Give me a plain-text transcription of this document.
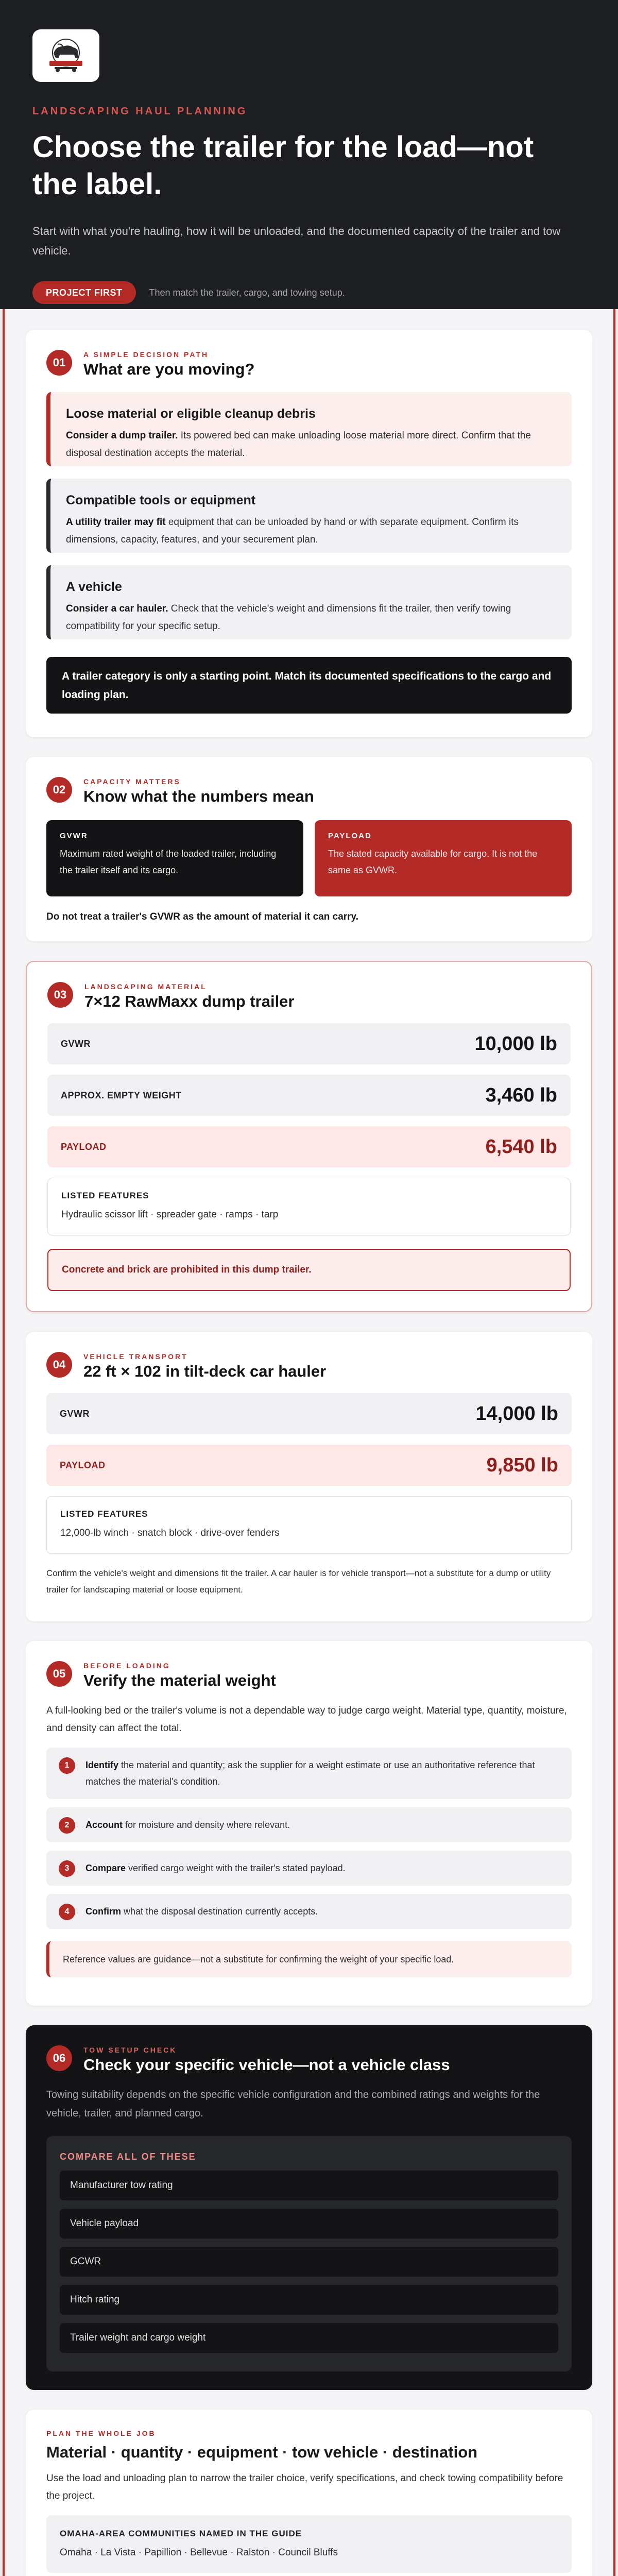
LANDSCAPING HAUL PLANNING
Choose the trailer for the load—not the label.

Start with what you're hauling, how it will be unloaded, and the documented capacity of the trailer and tow vehicle.

PROJECT FIRST	Then match the trailer, cargo, and towing setup.
01
A SIMPLE DECISION PATH
What are you moving?
Loose material or eligible cleanup debris
Consider a dump trailer. Its powered bed can make unloading loose material more direct. Confirm that the disposal destination accepts the material.
Compatible tools or equipment
A utility trailer may fit equipment that can be unloaded by hand or with separate equipment. Confirm its dimensions, capacity, features, and your securement plan.
A vehicle
Consider a car hauler. Check that the vehicle's weight and dimensions fit the trailer, then verify towing compatibility for your specific setup.
A trailer category is only a starting point. Match its documented specifications to the cargo and loading plan.
02
CAPACITY MATTERS
Know what the numbers mean
GVWR
Maximum rated weight of the loaded trailer, including the trailer itself and its cargo.
PAYLOAD
The stated capacity available for cargo. It is not the same as GVWR.
Do not treat a trailer's GVWR as the amount of material it can carry.
03
LANDSCAPING MATERIAL
7×12 RawMaxx dump trailer
GVWR	10,000 lb
APPROX. EMPTY WEIGHT	3,460 lb
PAYLOAD	6,540 lb
LISTED FEATURES
Hydraulic scissor lift · spreader gate · ramps · tarp
Concrete and brick are prohibited in this dump trailer.
04
VEHICLE TRANSPORT
22 ft × 102 in tilt-deck car hauler
GVWR	14,000 lb
PAYLOAD	9,850 lb
LISTED FEATURES
12,000-lb winch · snatch block · drive-over fenders

Confirm the vehicle's weight and dimensions fit the trailer. A car hauler is for vehicle transport—not a substitute for a dump or utility trailer for landscaping material or loose equipment.

05
BEFORE LOADING
Verify the material weight

A full-looking bed or the trailer's volume is not a dependable way to judge cargo weight. Material type, quantity, moisture, and density can affect the total.

1	Identify the material and quantity; ask the supplier for a weight estimate or use an authoritative reference that matches the material's condition.
2	Account for moisture and density where relevant.
3	Compare verified cargo weight with the trailer's stated payload.
4	Confirm what the disposal destination currently accepts.
Reference values are guidance—not a substitute for confirming the weight of your specific load.
06
TOW SETUP CHECK
Check your specific vehicle—not a vehicle class

Towing suitability depends on the specific vehicle configuration and the combined ratings and weights for the vehicle, trailer, and planned cargo.

COMPARE ALL OF THESE
Manufacturer tow rating
Vehicle payload
GCWR
Hitch rating
Trailer weight and cargo weight
PLAN THE WHOLE JOB
Material · quantity · equipment · tow vehicle · destination

Use the load and unloading plan to narrow the trailer choice, verify specifications, and check towing compatibility before the project.

OMAHA-AREA COMMUNITIES NAMED IN THE GUIDE
Omaha · La Vista · Papillion · Bellevue · Ralston · Council Bluffs
